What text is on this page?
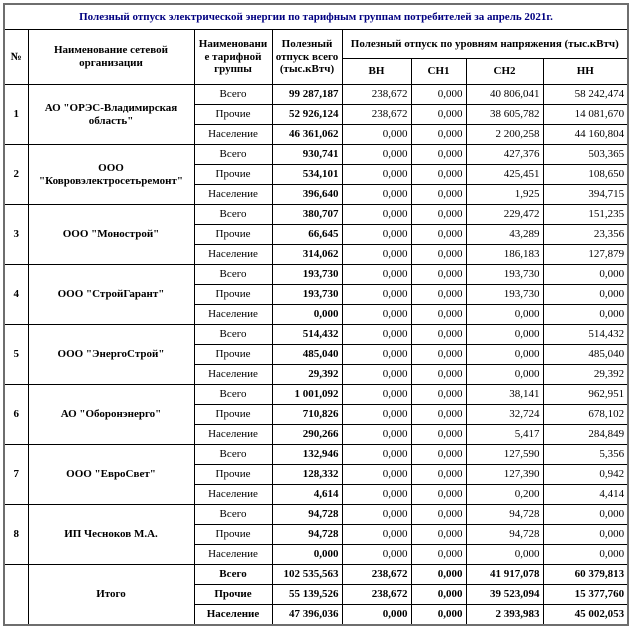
Полезный отпуск электрической энергии по тарифным группам потребителей за апрель 2021г.							
№	Наименование сетевой организации	Наименование тарифной группы	Полезный отпуск всего (тыс.кВтч)	Полезный отпуск по уровням напряжения (тыс.кВтч)			
				ВН	СН1	СН2	НН
1	АО "ОРЭС-Владимирская область"	Всего	99 287,187	238,672	0,000	40 806,041	58 242,474
		Прочие	52 926,124	238,672	0,000	38 605,782	14 081,670
		Население	46 361,062	0,000	0,000	2 200,258	44 160,804
2	ООО "Ковровэлектросетьремонт"	Всего	930,741	0,000	0,000	427,376	503,365
		Прочие	534,101	0,000	0,000	425,451	108,650
		Население	396,640	0,000	0,000	1,925	394,715
3	ООО "Монострой"	Всего	380,707	0,000	0,000	229,472	151,235
		Прочие	66,645	0,000	0,000	43,289	23,356
		Население	314,062	0,000	0,000	186,183	127,879
4	ООО "СтройГарант"	Всего	193,730	0,000	0,000	193,730	0,000
		Прочие	193,730	0,000	0,000	193,730	0,000
		Население	0,000	0,000	0,000	0,000	0,000
5	ООО "ЭнергоСтрой"	Всего	514,432	0,000	0,000	0,000	514,432
		Прочие	485,040	0,000	0,000	0,000	485,040
		Население	29,392	0,000	0,000	0,000	29,392
6	АО "Оборонэнерго"	Всего	1 001,092	0,000	0,000	38,141	962,951
		Прочие	710,826	0,000	0,000	32,724	678,102
		Население	290,266	0,000	0,000	5,417	284,849
7	ООО "ЕвроСвет"	Всего	132,946	0,000	0,000	127,590	5,356
		Прочие	128,332	0,000	0,000	127,390	0,942
		Население	4,614	0,000	0,000	0,200	4,414
8	ИП Чесноков М.А.	Всего	94,728	0,000	0,000	94,728	0,000
		Прочие	94,728	0,000	0,000	94,728	0,000
		Население	0,000	0,000	0,000	0,000	0,000
	Итого	Всего	102 535,563	238,672	0,000	41 917,078	60 379,813
		Прочие	55 139,526	238,672	0,000	39 523,094	15 377,760
		Население	47 396,036	0,000	0,000	2 393,983	45 002,053
